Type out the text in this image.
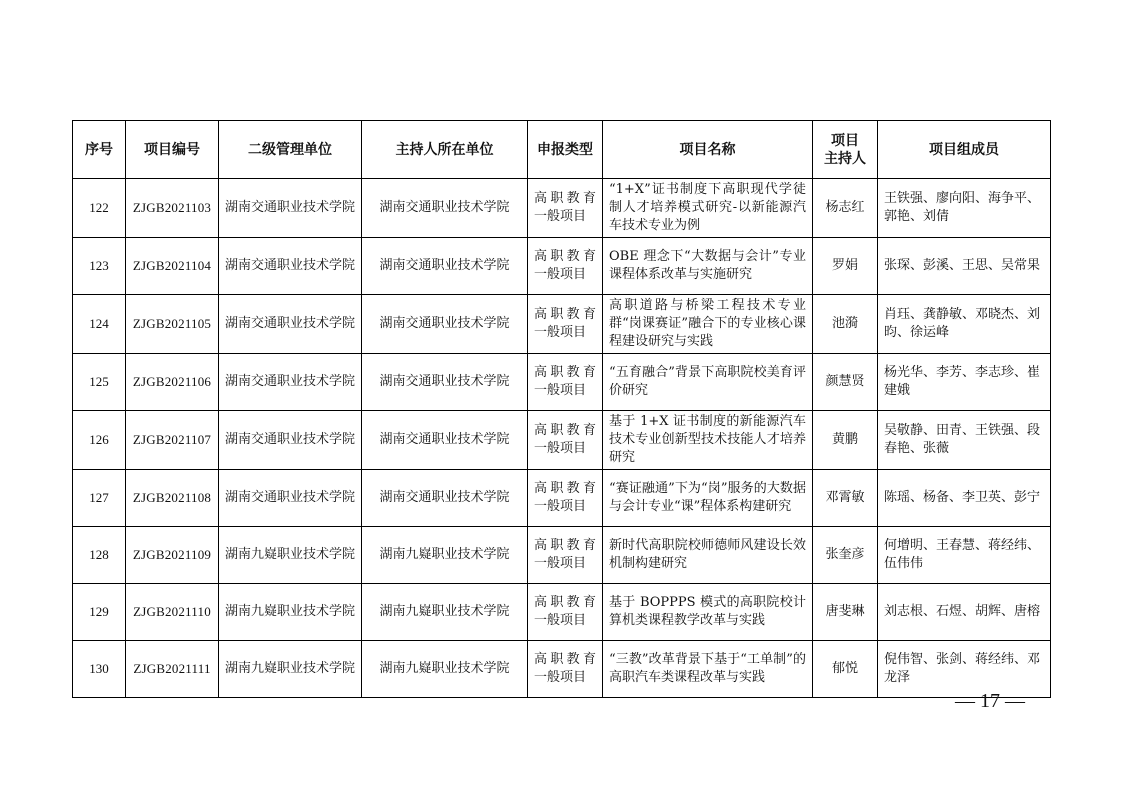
序号	项目编号	二级管理单位	主持人所在单位	申报类型	项目名称	项目
主持人	项目组成员
122	ZJGB2021103	湖南交通职业技术学院	湖南交通职业技术学院	高职教育一般项目	“1+X”证书制度下高职现代学徒制人才培养模式研究-以新能源汽车技术专业为例	杨志红	王铁强、廖向阳、海争平、郭艳、刘倩
123	ZJGB2021104	湖南交通职业技术学院	湖南交通职业技术学院	高职教育一般项目	OBE 理念下“大数据与会计”专业课程体系改革与实施研究	罗娟	张琛、彭溪、王思、吴常果
124	ZJGB2021105	湖南交通职业技术学院	湖南交通职业技术学院	高职教育一般项目	高职道路与桥梁工程技术专业群“岗课赛证”融合下的专业核心课程建设研究与实践	池漪	肖珏、龚静敏、邓晓杰、刘昀、徐运峰
125	ZJGB2021106	湖南交通职业技术学院	湖南交通职业技术学院	高职教育一般项目	“五育融合”背景下高职院校美育评价研究	颜慧贤	杨光华、李芳、李志珍、崔建娥
126	ZJGB2021107	湖南交通职业技术学院	湖南交通职业技术学院	高职教育一般项目	基于 1+X 证书制度的新能源汽车技术专业创新型技术技能人才培养研究	黄鹏	吴敬静、田青、王铁强、段春艳、张薇
127	ZJGB2021108	湖南交通职业技术学院	湖南交通职业技术学院	高职教育一般项目	“赛证融通”下为“岗”服务的大数据与会计专业“课”程体系构建研究	邓霄敏	陈瑶、杨备、李卫英、彭宁
128	ZJGB2021109	湖南九嶷职业技术学院	湖南九嶷职业技术学院	高职教育一般项目	新时代高职院校师德师风建设长效机制构建研究	张奎彦	何增明、王春慧、蒋经纬、伍伟伟
129	ZJGB2021110	湖南九嶷职业技术学院	湖南九嶷职业技术学院	高职教育一般项目	基于 BOPPPS 模式的高职院校计算机类课程教学改革与实践	唐斐琳	刘志根、石煜、胡辉、唐榕
130	ZJGB2021111	湖南九嶷职业技术学院	湖南九嶷职业技术学院	高职教育一般项目	“三教”改革背景下基于“工单制”的高职汽车类课程改革与实践	郁悦	倪伟智、张剑、蒋经纬、邓龙泽
— 17 —
